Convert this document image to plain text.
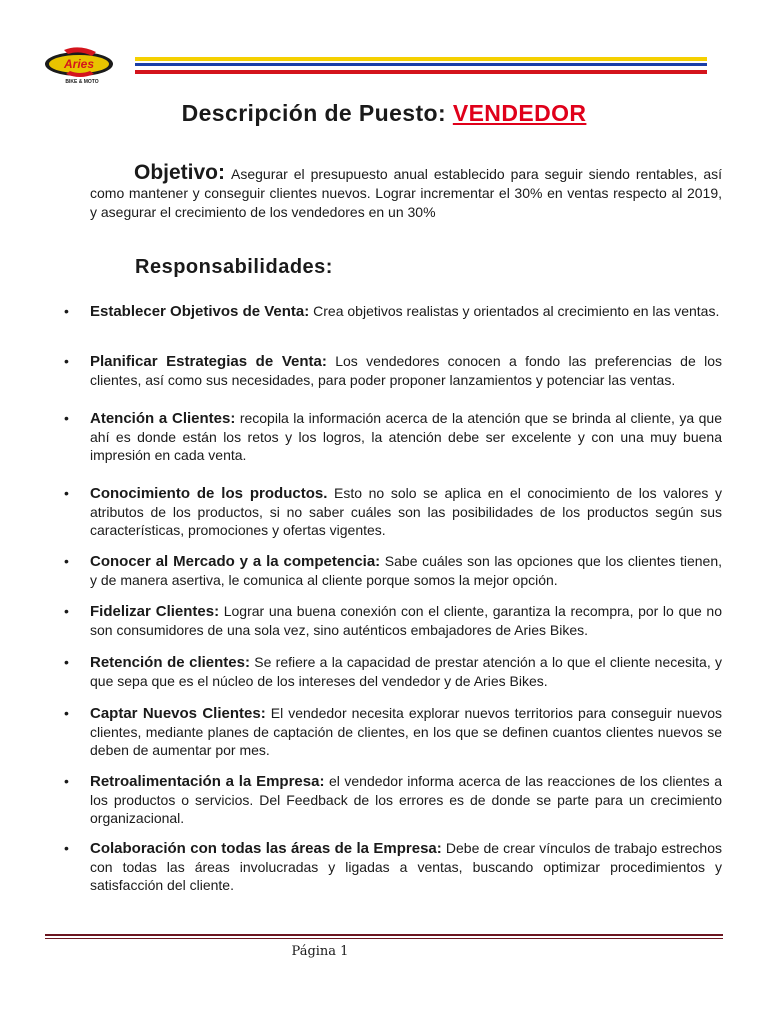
Aries
BIKE & MOTO
Descripción de Puesto: VENDEDOR
Objetivo: Asegurar el presupuesto anual establecido para seguir siendo rentables, así como mantener y conseguir clientes nuevos. Lograr incrementar el 30% en ventas respecto al 2019, y asegurar el crecimiento de los vendedores en un 30%
Responsabilidades:
• Establecer Objetivos de Venta: Crea objetivos realistas y orientados al crecimiento en las ventas.
• Planificar Estrategias de Venta: Los vendedores conocen a fondo las preferencias de los clientes, así como sus necesidades, para poder proponer lanzamientos y potenciar las ventas.
• Atención a Clientes: recopila la información acerca de la atención que se brinda al cliente, ya que ahí es donde están los retos y los logros, la atención debe ser excelente y con una muy buena impresión en cada venta.
• Conocimiento de los productos. Esto no solo se aplica en el conocimiento de los valores y atributos de los productos, si no saber cuáles son las posibilidades de los productos según sus características, promociones y ofertas vigentes.
• Conocer al Mercado y a la competencia: Sabe cuáles son las opciones que los clientes tienen, y de manera asertiva, le comunica al cliente porque somos la mejor opción.
• Fidelizar Clientes: Lograr una buena conexión con el cliente, garantiza la recompra, por lo que no son consumidores de una sola vez, sino auténticos embajadores de Aries Bikes.
• Retención de clientes: Se refiere a la capacidad de prestar atención a lo que el cliente necesita, y que sepa que es el núcleo de los intereses del vendedor y de Aries Bikes.
• Captar Nuevos Clientes: El vendedor necesita explorar nuevos territorios para conseguir nuevos clientes, mediante planes de captación de clientes, en los que se definen cuantos clientes nuevos se deben de aumentar por mes.
• Retroalimentación a la Empresa: el vendedor informa acerca de las reacciones de los clientes a los productos o servicios. Del Feedback de los errores es de donde se parte para un crecimiento organizacional.
• Colaboración con todas las áreas de la Empresa: Debe de crear vínculos de trabajo estrechos con todas las áreas involucradas y ligadas a ventas, buscando optimizar procedimientos y satisfacción del cliente.
Página 1
